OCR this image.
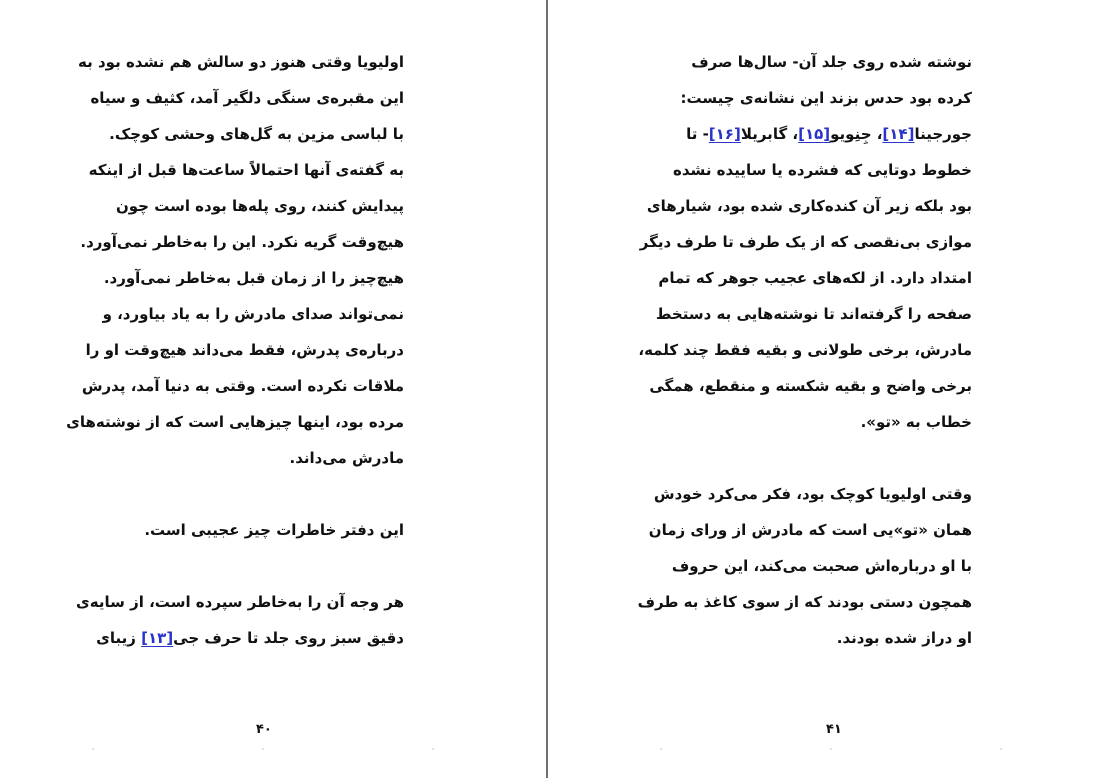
اولیویا وقتی هنوز دو سالش هم نشده بود به
این مقبره‌ی سنگی دلگیر آمد، کثیف و سیاه
با لباسی مزین به گل‌های وحشی کوچک.
به گفته‌ی آنها احتمالاً ساعت‌ها قبل از اینکه
پیدایش کنند، روی پله‌ها بوده است چون
هیچ‌وقت گریه نکرد. این را به‌خاطر نمی‌آورد.
هیچ‌چیز را از زمان قبل به‌خاطر نمی‌آورد.
نمی‌تواند صدای مادرش را به یاد بیاورد، و
درباره‌ی پدرش، فقط می‌داند هیچ‌وقت او را
ملاقات نکرده است. وقتی به دنیا آمد، پدرش
مرده بود، اینها چیزهایی است که از نوشته‌های
مادرش می‌داند.
این دفتر خاطرات چیز عجیبی است.
هر وجه آن را به‌خاطر سپرده است، از سایه‌ی
دقیق سبز روی جلد تا حرف جی[۱۳] زیبای
۴۰
نوشته شده روی جلد آن- سال‌ها صرف
کرده بود حدس بزند این نشانه‌ی چیست:
جورجینا[۱۴]، جِنِویو[۱۵]، گابریلا[۱۶]- تا
خطوط دوتایی که فشرده یا ساییده نشده
بود بلکه زیر آن کنده‌کاری شده بود، شیارهای
موازی بی‌نقصی که از یک طرف تا طرف دیگر
امتداد دارد. از لکه‌های عجیب جوهر که تمام
صفحه را گرفته‌اند تا نوشته‌هایی به دستخط
مادرش، برخی طولانی و بقیه فقط چند کلمه،
برخی واضح و بقیه شکسته و منقطع، همگی
خطاب به «تو».
وقتی اولیویا کوچک بود، فکر می‌کرد خودش
همان «تو»یی است که مادرش از ورای زمان
با او درباره‌اش صحبت می‌کند، این حروف
همچون دستی بودند که از سوی کاغذ به طرف
او دراز شده بودند.
۴۱
